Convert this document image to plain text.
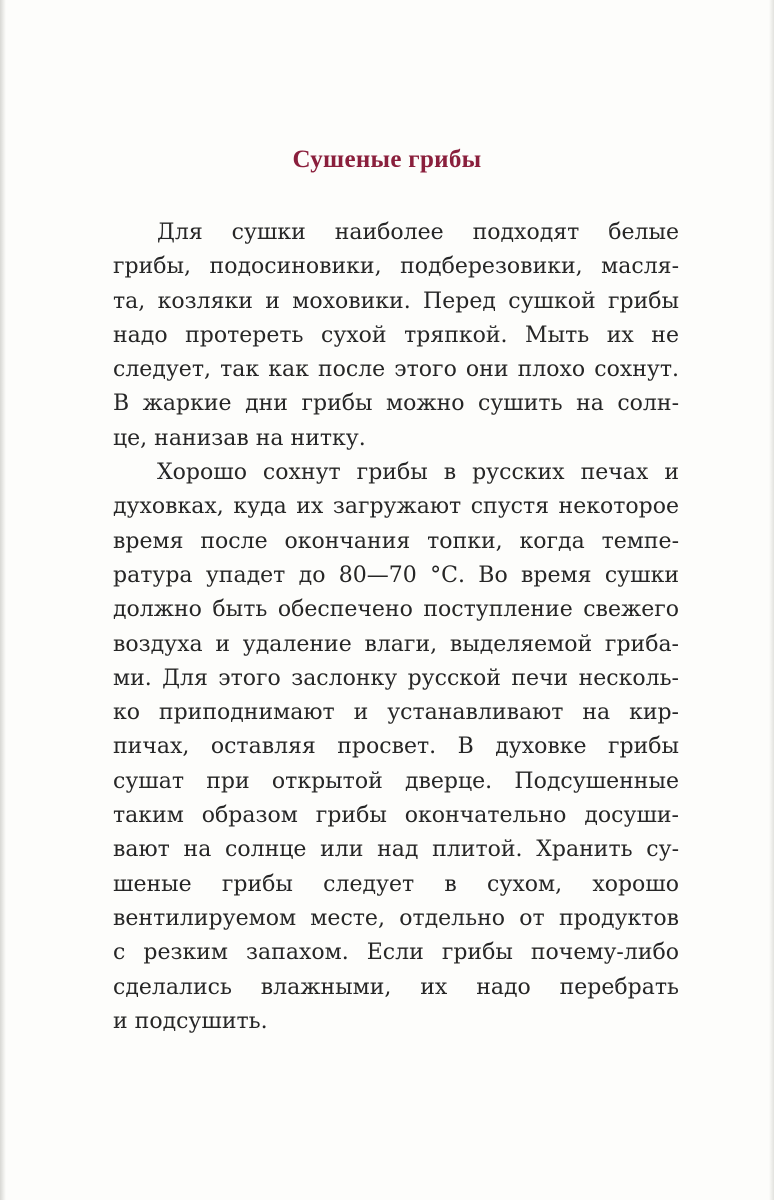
Сушеные грибы
Для сушки наиболее подходят белые
грибы, подосиновики, подберезовики, масля-
та, козляки и моховики. Перед сушкой грибы
надо протереть сухой тряпкой. Мыть их не
следует, так как после этого они плохо сохнут.
В жаркие дни грибы можно сушить на солн-
це, нанизав на нитку.
Хорошо сохнут грибы в русских печах и
духовках, куда их загружают спустя некоторое
время после окончания топки, когда темпе-
ратура упадет до 80—70 °С. Во время сушки
должно быть обеспечено поступление свежего
воздуха и удаление влаги, выделяемой гриба-
ми. Для этого заслонку русской печи несколь-
ко приподнимают и устанавливают на кир-
пичах, оставляя просвет. В духовке грибы
сушат при открытой дверце. Подсушенные
таким образом грибы окончательно досуши-
вают на солнце или над плитой. Хранить су-
шеные грибы следует в сухом, хорошо
вентилируемом месте, отдельно от продуктов
с резким запахом. Если грибы почему-либо
сделались влажными, их надо перебрать
и подсушить.
